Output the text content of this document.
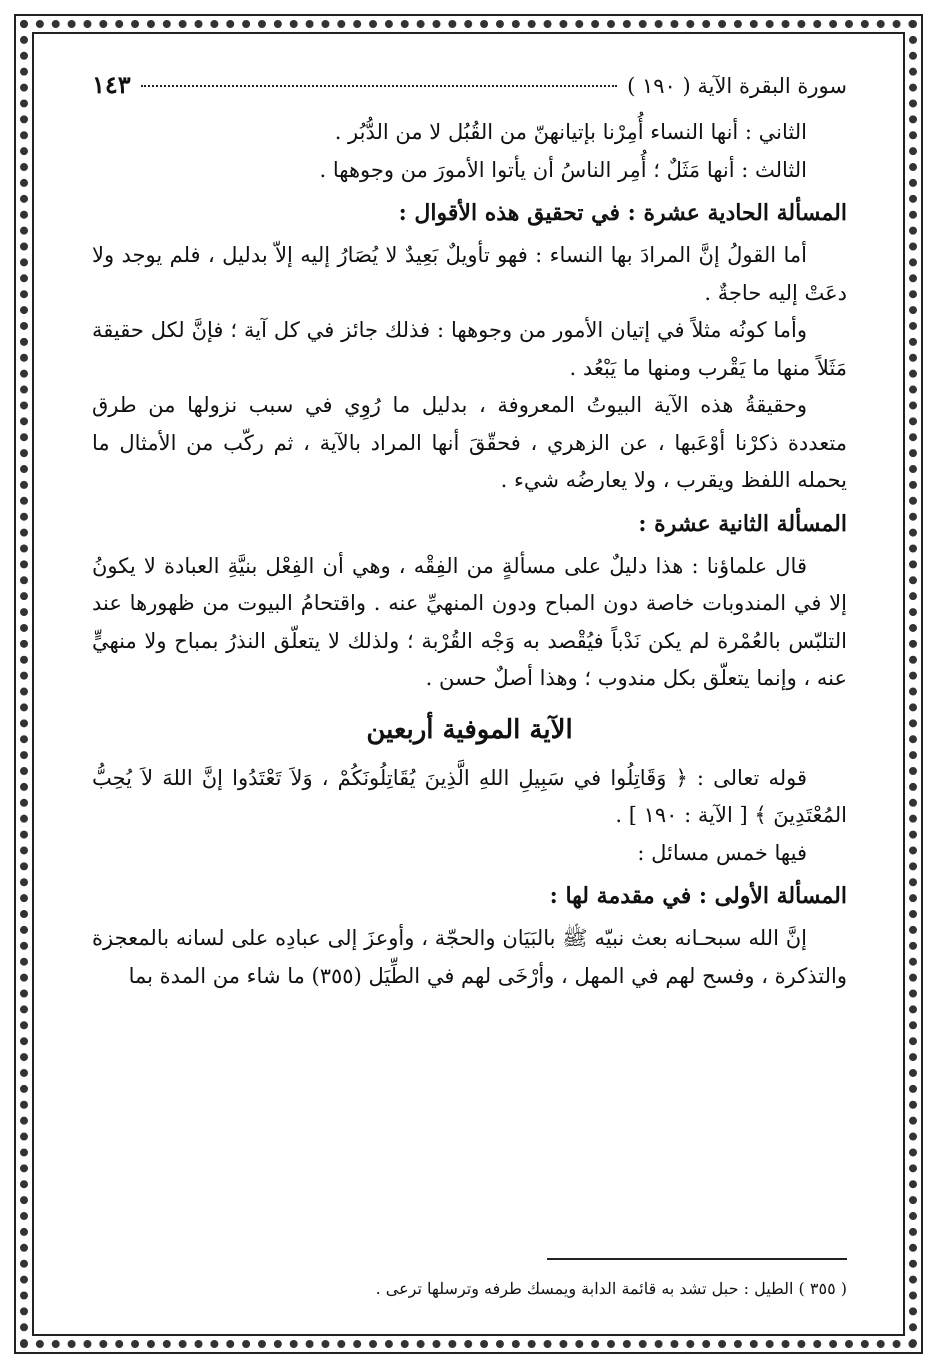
سورة البقرة الآية ( ١٩٠ )
١٤٣

الثاني : أنها النساء أُمِرْنا بإتيانهنّ من القُبُل لا من الدُّبُر .

الثالث : أنها مَثَلٌ ؛ أُمِر الناسُ أن يأتوا الأمورَ من وجوهها .

المسألة الحادية عشرة : في تحقيق هذه الأقوال :

أما القولُ إنَّ المرادَ بها النساء : فهو تأويلٌ بَعِيدٌ لا يُصَارُ إليه إلاّ بدليل ، فلم يوجد ولا دعَتْ إليه حاجةٌ .

وأما كونُه مثلاً في إتيان الأمور من وجوهها : فذلك جائز في كل آية ؛ فإنَّ لكل حقيقة مَثَلاً منها ما يَقْرب ومنها ما يَبْعُد .

وحقيقةُ هذه الآية البيوتُ المعروفة ، بدليل ما رُوِي في سبب نزولها من طرق متعددة ذكرْنا أوْعَبها ، عن الزهري ، فحقّقَ أنها المراد بالآية ، ثم ركّب من الأمثال ما يحمله اللفظ ويقرب ، ولا يعارضُه شيء .

المسألة الثانية عشرة :

قال علماؤنا : هذا دليلٌ على مسألةٍ من الفِقْه ، وهي أن الفِعْل بنيَّةِ العبادة لا يكونُ إلا في المندوبات خاصة دون المباح ودون المنهيِّ عنه . واقتحامُ البيوت من ظهورها عند التلبّس بالعُمْرة لم يكن نَدْباً فيُقْصد به وَجْه القُرْبة ؛ ولذلك لا يتعلّق النذرُ بمباح ولا منهيٍّ عنه ، وإنما يتعلّق بكل مندوب ؛ وهذا أصلٌ حسن .

الآية الموفية أربعين

قوله تعالى : ﴿ وَقَاتِلُوا في سَبِيلِ اللهِ الَّذِينَ يُقَاتِلُونَكُمْ ، وَلاَ تَعْتَدُوا إنَّ اللهَ لاَ يُحِبُّ المُعْتَدِينَ ﴾ [ الآية : ١٩٠ ] .

فيها خمس مسائل :

المسألة الأولى : في مقدمة لها :

إنَّ الله سبحـانه بعث نبيّه ﷺ بالبَيَان والحجّة ، وأوعزَ إلى عبادِه على لسانه بالمعجزة والتذكرة ، وفسح لهم في المهل ، وأرْخَى لهم في الطِّيَل (٣٥٥) ما شاء من المدة بما

( ٣٥٥ ) الطيل : حبل تشد به قائمة الدابة ويمسك طرفه وترسلها ترعى .
